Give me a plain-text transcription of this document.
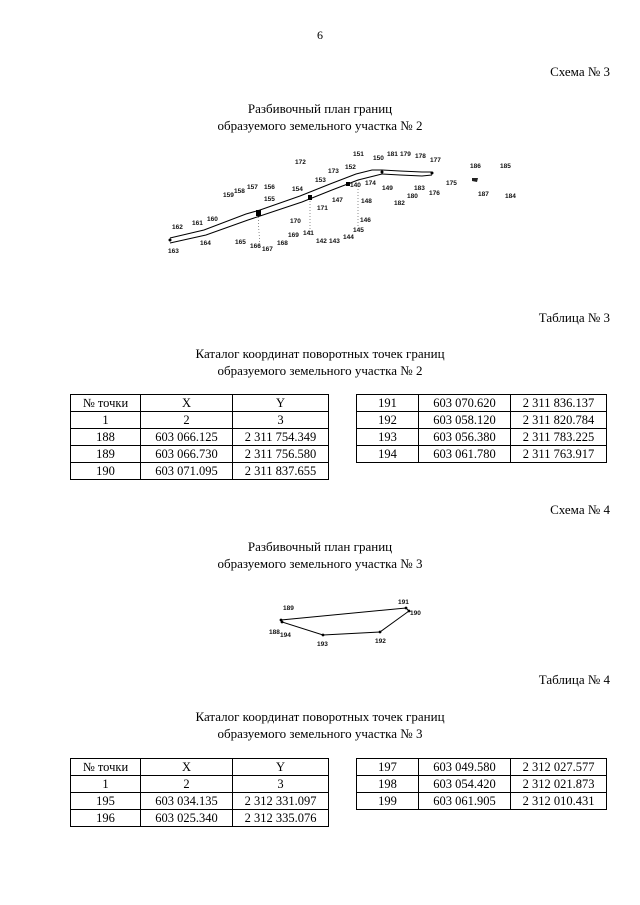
6
Схема № 3
Разбивочный план границ
образуемого земельного участка № 2
151	181 179 178
177
150
186	185
172
173
152
153	175
140 174
149	183
180 176
182
187 184
157 156	154
158
159
155	147	148
171
160
161	170	146
162	145
169 141
144
142 143
165
166 167
168
164
163
Таблица № 3
Каталог координат поворотных точек границ
образуемого земельного участка № 2
№ точки	X	Y
1	2	3
188	603 066.125	2 311 754.349
189	603 066.730	2 311 756.580
190	603 071.095	2 311 837.655
191	603 070.620	2 311 836.137
192	603 058.120	2 311 820.784
193	603 056.380	2 311 783.225
194	603 061.780	2 311 763.917
Схема № 4
Разбивочный план границ
образуемого земельного участка № 3
189
191
190
188 194
193	192
Таблица № 4
Каталог координат поворотных точек границ
образуемого земельного участка № 3
№ точки	X	Y
1	2	3
195	603 034.135	2 312 331.097
196	603 025.340	2 312 335.076
197	603 049.580	2 312 027.577
198	603 054.420	2 312 021.873
199	603 061.905	2 312 010.431
